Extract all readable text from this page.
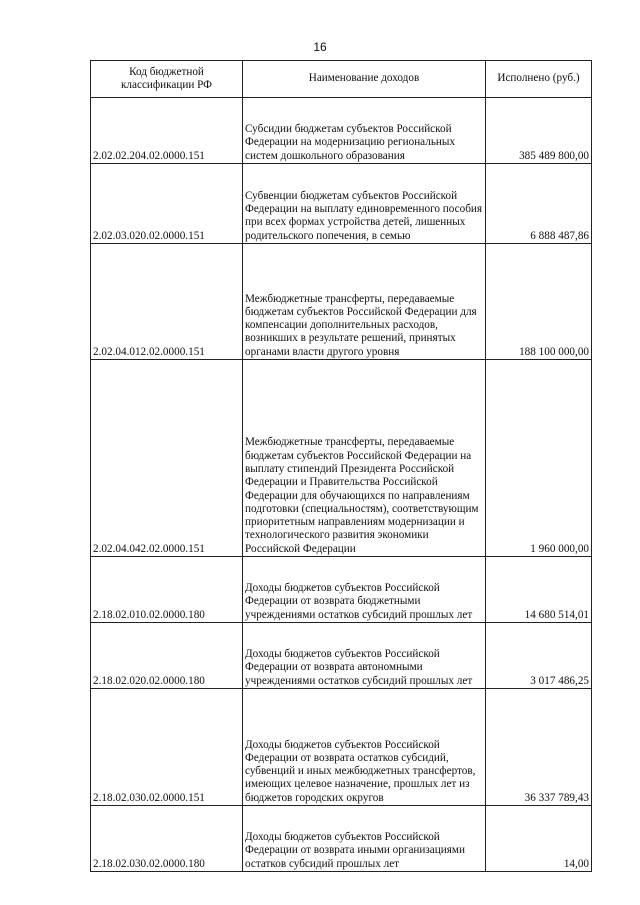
16
Код бюджетной классификации РФ	Наименование доходов	Исполнено (руб.)
2.02.02.204.02.0000.151	Субсидии бюджетам субъектов Российской Федерации на модернизацию региональных систем дошкольного образования	385 489 800,00
2.02.03.020.02.0000.151	Субвенции бюджетам субъектов Российской Федерации на выплату единовременного пособия при всех формах устройства детей, лишенных родительского попечения, в семью	6 888 487,86
2.02.04.012.02.0000.151	Межбюджетные трансферты, передаваемые бюджетам субъектов Российской Федерации для компенсации дополнительных расходов, возникших в результате решений, принятых органами власти другого уровня	188 100 000,00
2.02.04.042.02.0000.151	Межбюджетные трансферты, передаваемые бюджетам субъектов Российской Федерации на выплату стипендий Президента Российской Федерации и Правительства Российской Федерации для обучающихся по направлениям подготовки (специальностям), соответствующим приоритетным направлениям модернизации и технологического развития экономики Российской Федерации	1 960 000,00
2.18.02.010.02.0000.180	Доходы бюджетов субъектов Российской Федерации от возврата бюджетными учреждениями остатков субсидий прошлых лет	14 680 514,01
2.18.02.020.02.0000.180	Доходы бюджетов субъектов Российской Федерации от возврата автономными учреждениями остатков субсидий прошлых лет	3 017 486,25
2.18.02.030.02.0000.151	Доходы бюджетов субъектов Российской Федерации от возврата остатков субсидий, субвенций и иных межбюджетных трансфертов, имеющих целевое назначение, прошлых лет из бюджетов городских округов	36 337 789,43
2.18.02.030.02.0000.180	Доходы бюджетов субъектов Российской Федерации от возврата иными организациями остатков субсидий прошлых лет	14,00
